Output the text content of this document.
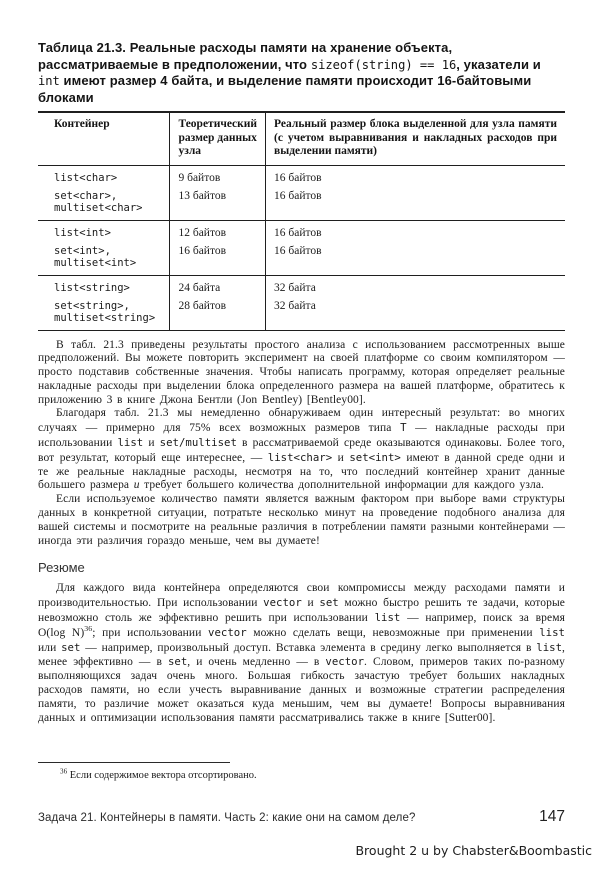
Таблица 21.3. Реальные расходы памяти на хранение объекта, рассматриваемые в предположении, что sizeof(string) == 16, указатели и int имеют размер 4 байта, и выделение памяти происходит 16-байтовыми блоками
Контейнер	Теоретический размер данных узла	Реальный размер блока выделенной для узла памяти (с учетом выравнивания и накладных расходов при выделении памяти)

list<char>	9 байтов	16 байтов

set<char>,
multiset<char>	13 байтов	16 байтов

list<int>	12 байтов	16 байтов

set<int>,
multiset<int>	16 байтов	16 байтов

list<string>	24 байта	32 байта

set<string>,
multiset<string>	28 байтов	32 байта

В табл. 21.3 приведены результаты простого анализа с использованием рассмотренных выше предположений. Вы можете повторить эксперимент на своей платформе со своим компилятором — просто подставив собственные значения. Чтобы написать программу, которая определяет реальные накладные расходы при выделении блока определенного размера на вашей платформе, обратитесь к приложению 3 в книге Джона Бентли (Jon Bentley) [Bentley00].

Благодаря табл. 21.3 мы немедленно обнаруживаем один интересный результат: во многих случаях — примерно для 75% всех возможных размеров типа T — накладные расходы при использовании list и set/multiset в рассматриваемой среде оказываются одинаковы. Более того, вот результат, который еще интереснее, — list<char> и set<int> имеют в данной среде одни и те же реальные накладные расходы, несмотря на то, что последний контейнер хранит данные большего размера и требует большего количества дополнительной информации для каждого узла.

Если используемое количество памяти является важным фактором при выборе вами структуры данных в конкретной ситуации, потратьте несколько минут на проведение подобного анализа для вашей системы и посмотрите на реальные различия в потреблении памяти разными контейнерами — иногда эти различия гораздо меньше, чем вы думаете!

Резюме

Для каждого вида контейнера определяются свои компромиссы между расходами памяти и производительностью. При использовании vector и set можно быстро решить те задачи, которые невозможно столь же эффективно решить при использовании list — например, поиск за время O(log N)$^{36}$; при использовании vector можно сделать вещи, невозможные при применении list или set — например, произвольный доступ. Вставка элемента в средину легко выполняется в list, менее эффективно — в set, и очень медленно — в vector. Словом, примеров таких по-разному выполняющихся задач очень много. Большая гибкость зачастую требует больших накладных расходов памяти, но если учесть выравнивание данных и возможные стратегии распределения памяти, то различие может оказаться куда меньшим, чем вы думаете! Вопросы выравнивания данных и оптимизации использования памяти рассматривались также в книге [Sutter00].

$^{36}$ Если содержимое вектора отсортировано.
Задача 21. Контейнеры в памяти. Часть 2: какие они на самом деле?	147
Brought 2 u by Chabster&Boombastic
